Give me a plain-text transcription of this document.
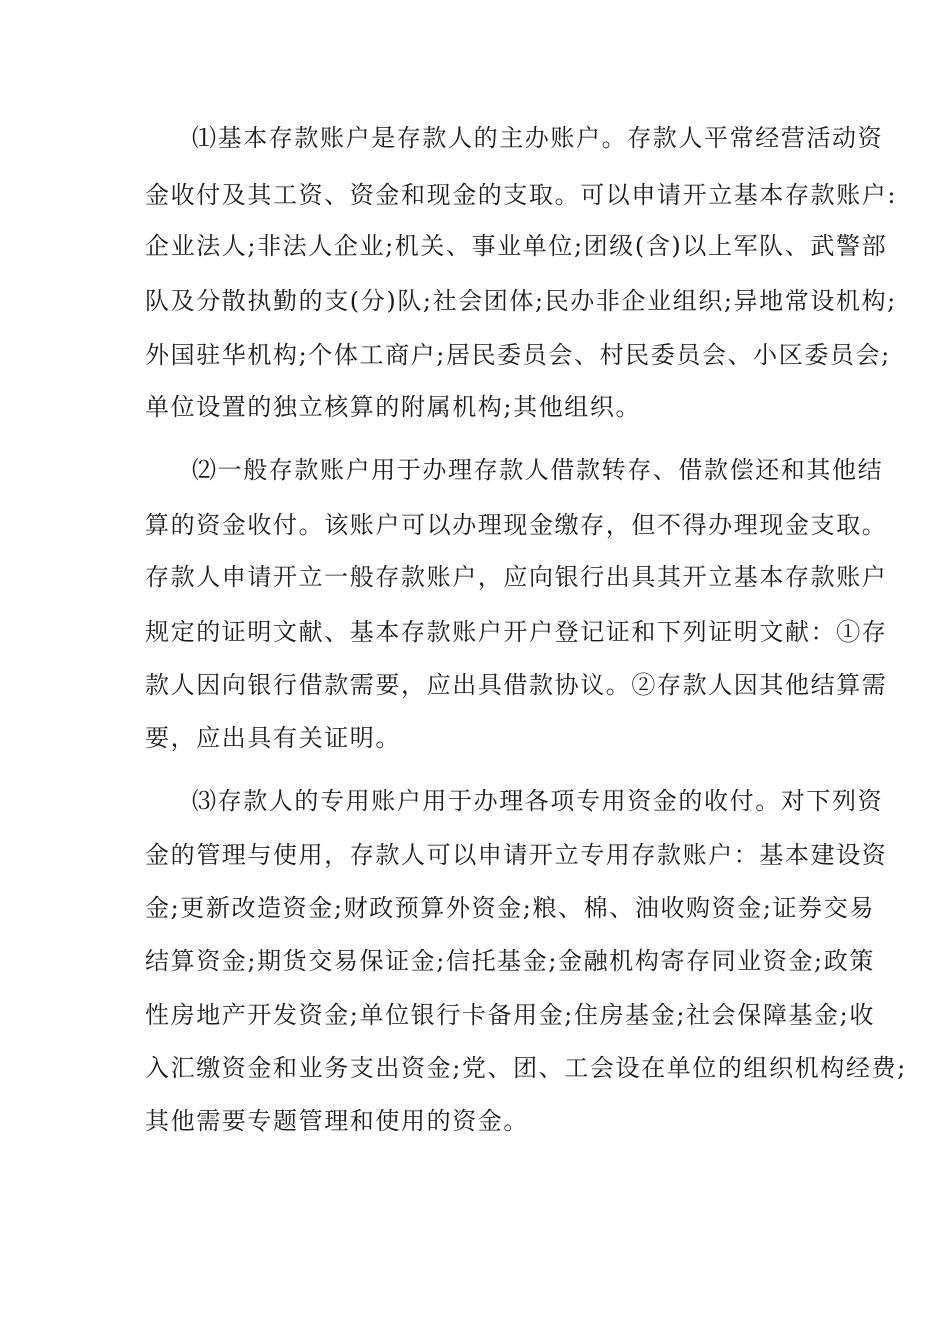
⑴基本存款账户是存款人的主办账户。存款人平常经营活动资
金收付及其工资、资金和现金的支取。可以申请开立基本存款账户:
企业法人;非法人企业;机关、事业单位;团级(含)以上军队、武警部
队及分散执勤的支(分)队;社会团体;民办非企业组织;异地常设机构;
外国驻华机构;个体工商户;居民委员会、村民委员会、小区委员会;
单位设置的独立核算的附属机构;其他组织。
⑵一般存款账户用于办理存款人借款转存、借款偿还和其他结
算的资金收付。该账户可以办理现金缴存，但不得办理现金支取。
存款人申请开立一般存款账户，应向银行出具其开立基本存款账户
规定的证明文献、基本存款账户开户登记证和下列证明文献：①存
款人因向银行借款需要，应出具借款协议。②存款人因其他结算需
要，应出具有关证明。
⑶存款人的专用账户用于办理各项专用资金的收付。对下列资
金的管理与使用，存款人可以申请开立专用存款账户：基本建设资
金;更新改造资金;财政预算外资金;粮、棉、油收购资金;证券交易
结算资金;期货交易保证金;信托基金;金融机构寄存同业资金;政策
性房地产开发资金;单位银行卡备用金;住房基金;社会保障基金;收
入汇缴资金和业务支出资金;党、团、工会设在单位的组织机构经费;
其他需要专题管理和使用的资金。
